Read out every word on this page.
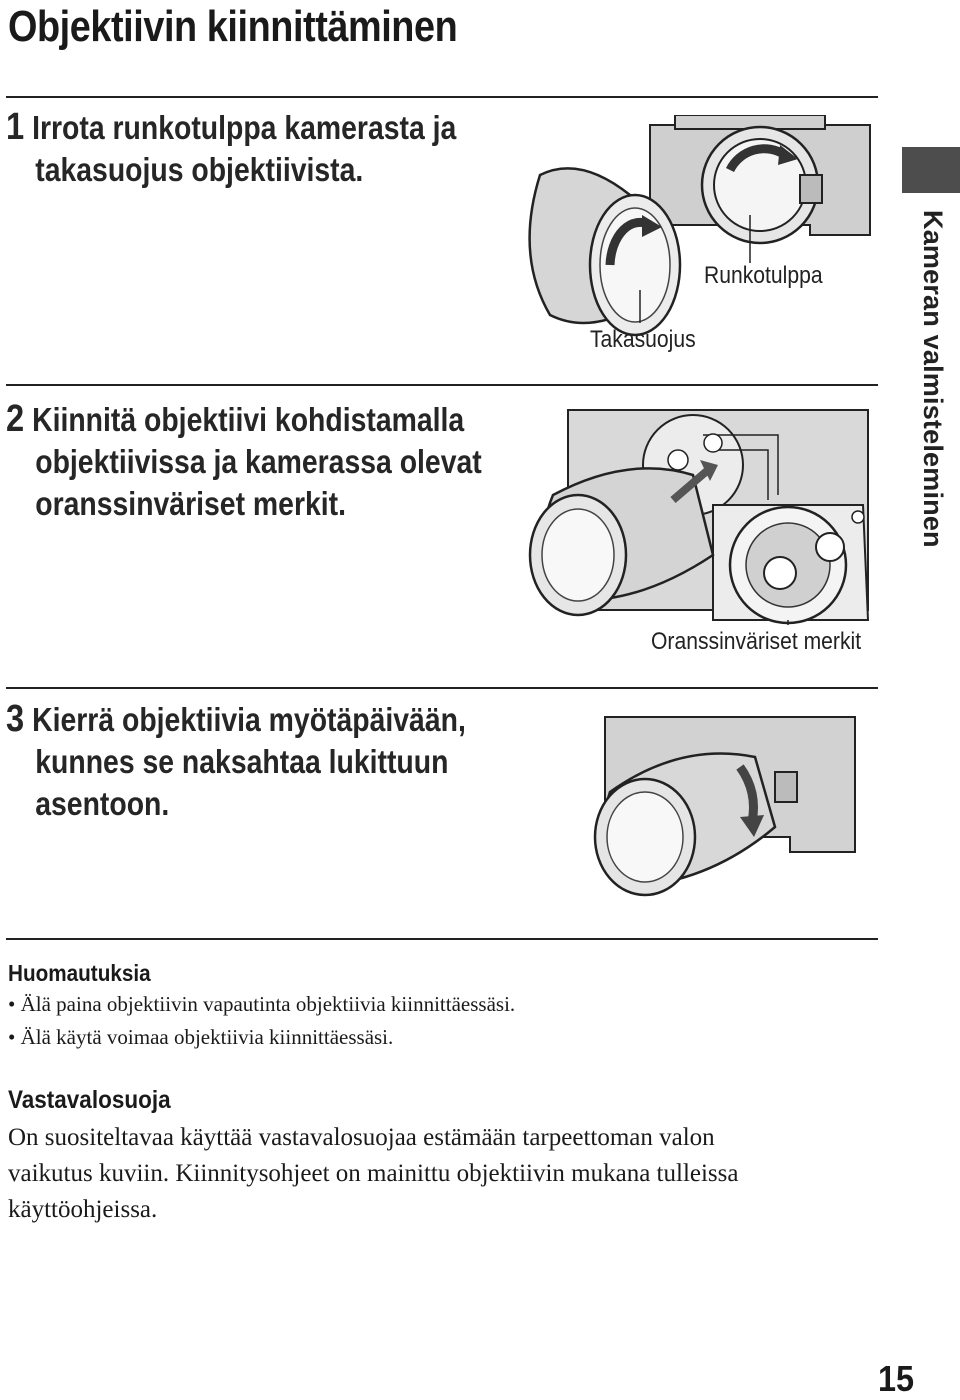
Objektiivin kiinnittäminen
Kameran valmisteleminen
1 Irrota runkotulppa kamerasta ja
takasuojus objektiivista.
2 Kiinnitä objektiivi kohdistamalla
objektiivissa ja kamerassa olevat
oranssinväriset merkit.
3 Kierrä objektiivia myötäpäivään,
kunnes se naksahtaa lukittuun
asentoon.
Runkotulppa
Takasuojus
Oranssinväriset merkit
Huomautuksia
• Älä paina objektiivin vapautinta objektiivia kiinnittäessäsi.
• Älä käytä voimaa objektiivia kiinnittäessäsi.
Vastavalosuoja
On suositeltavaa käyttää vastavalosuojaa estämään tarpeettoman valon
vaikutus kuviin. Kiinnitysohjeet on mainittu objektiivin mukana tulleissa
käyttöohjeissa.
15
